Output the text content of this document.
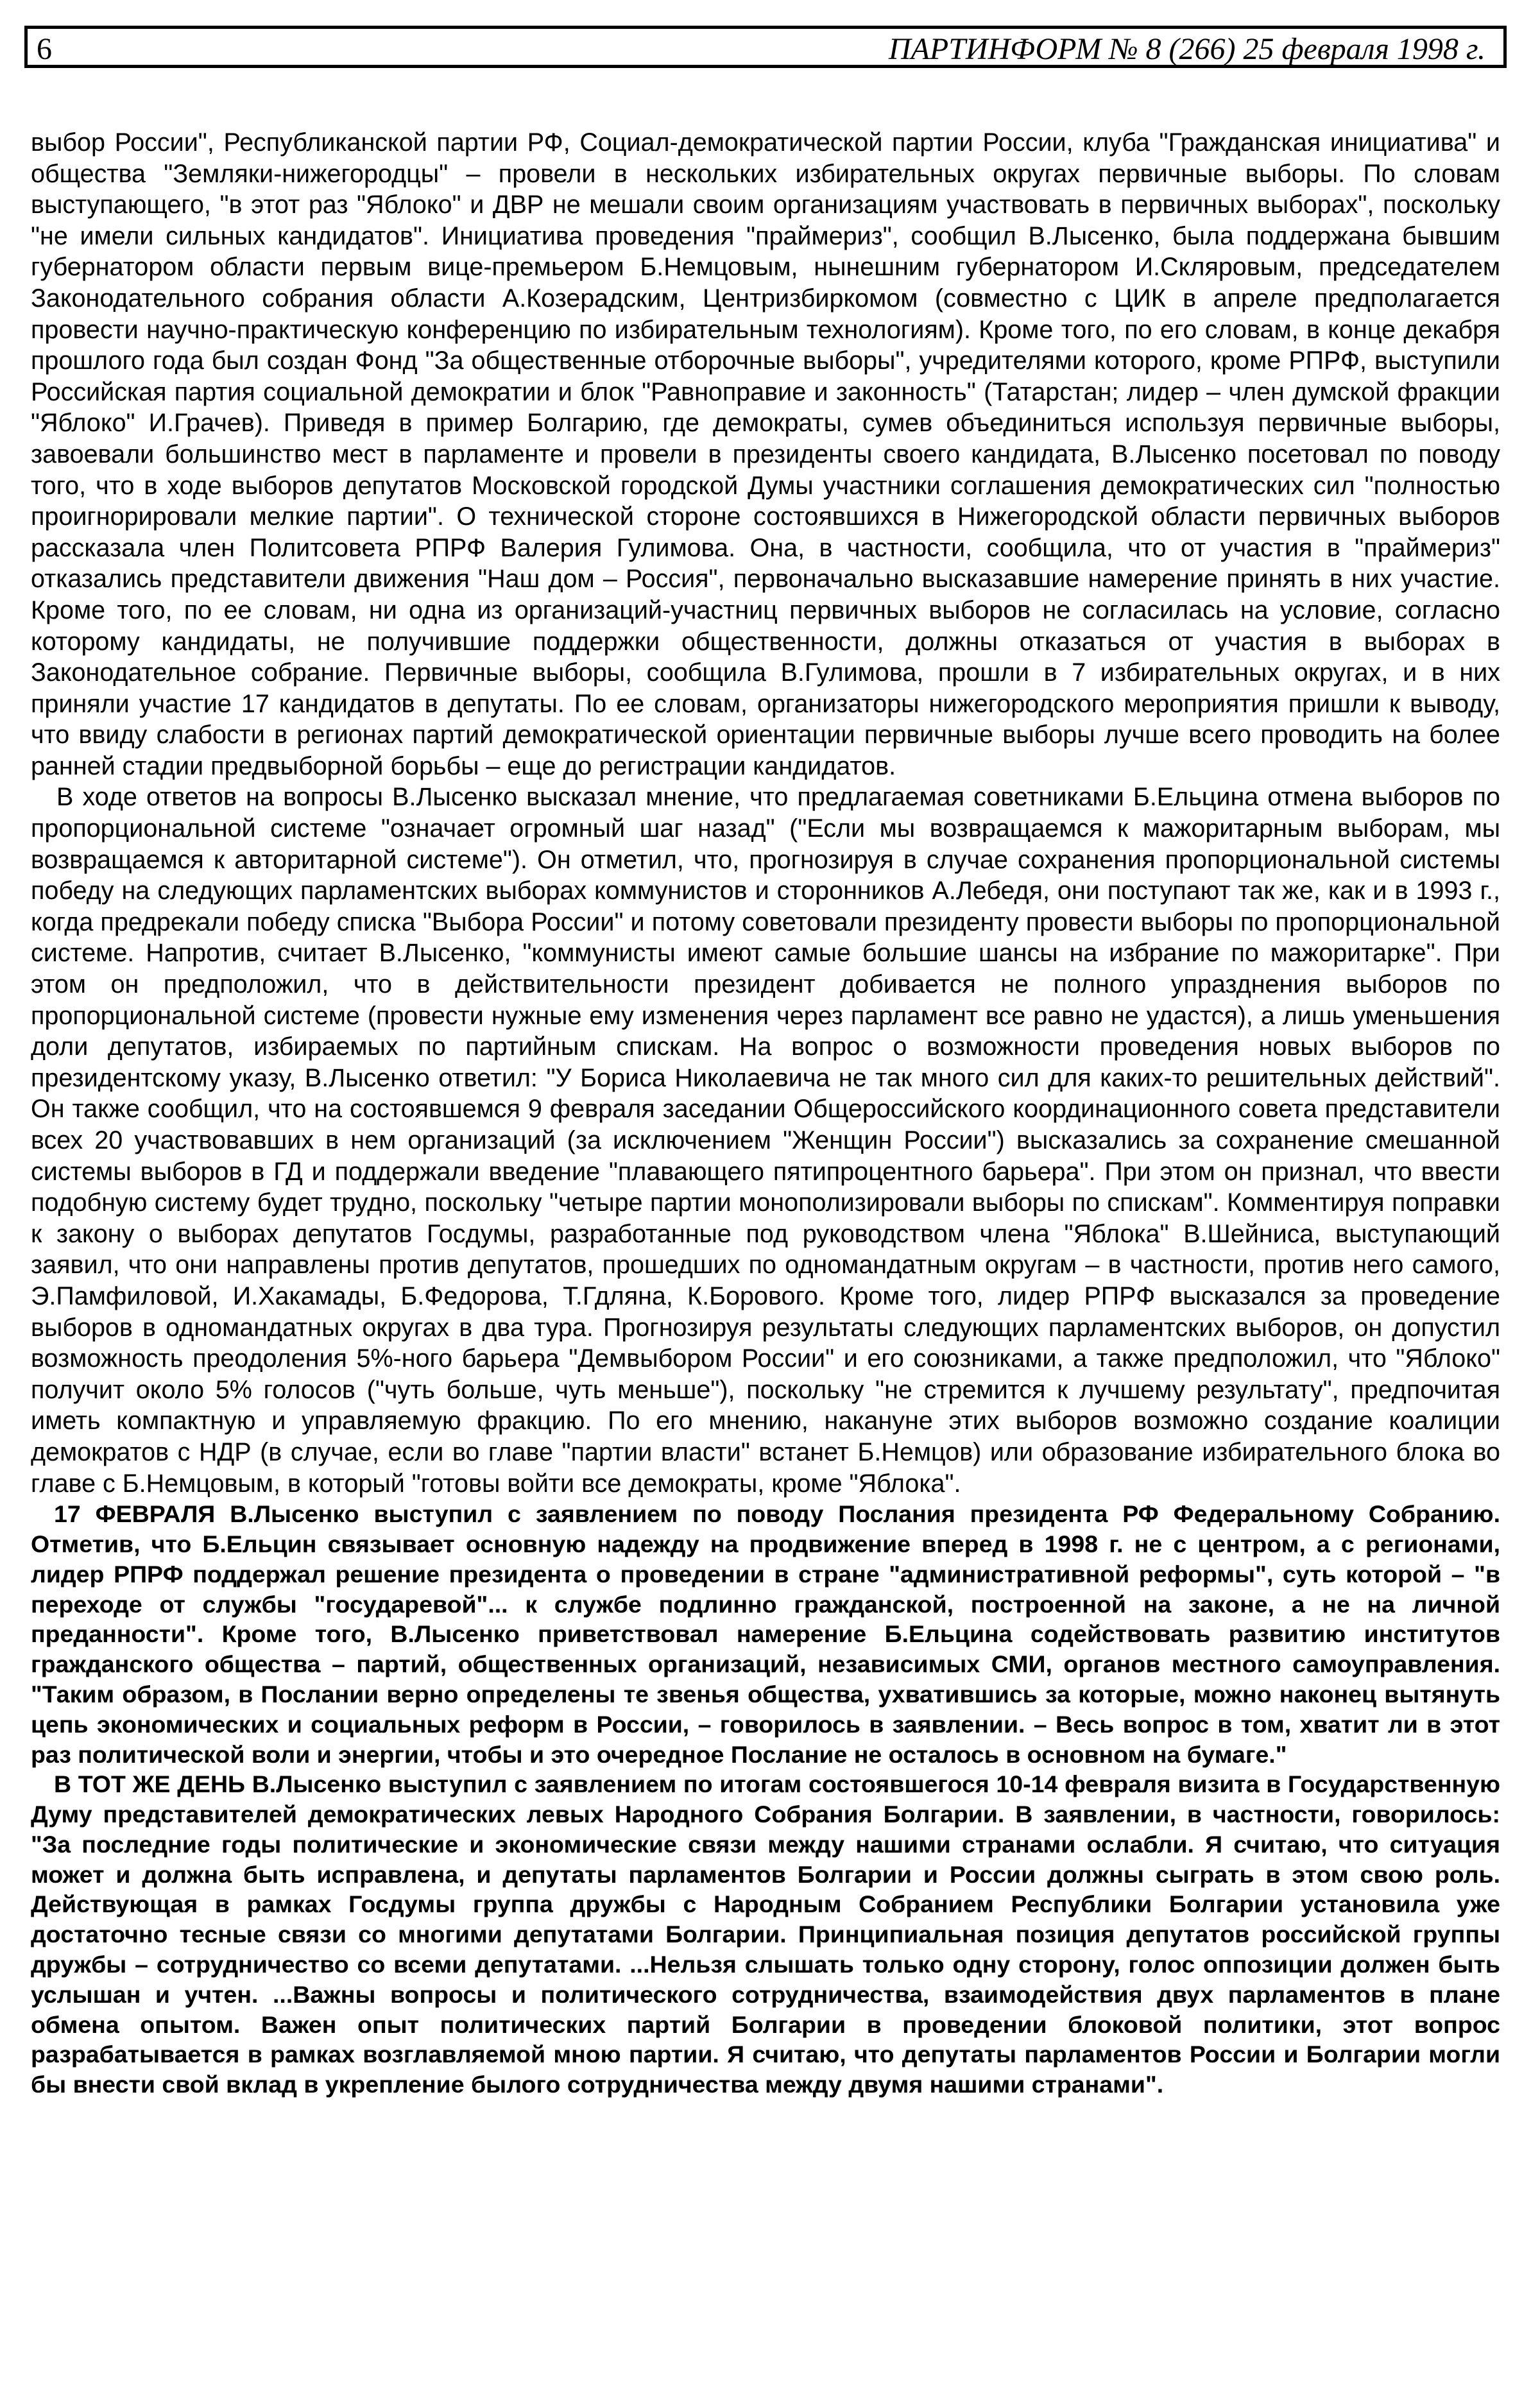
6	ПАРТИНФОРМ № 8 (266) 25 февраля 1998 г.

выбор России", Республиканской партии РФ, Социал-демократической партии России, клуба "Гражданская инициатива" и общества "Земляки-нижегородцы" – провели в нескольких избирательных округах первичные выборы. По словам выступающего, "в этот раз "Яблоко" и ДВР не мешали своим организациям участвовать в первичных выборах", поскольку "не имели сильных кандидатов". Инициатива проведения "праймериз", сообщил В.Лысенко, была поддержана бывшим губернатором области первым вице-премьером Б.Немцовым, нынешним губернатором И.Скляровым, председателем Законодательного собрания области А.Козерадским, Центризбиркомом (совместно с ЦИК в апреле предполагается провести научно-практическую конференцию по избирательным технологиям). Кроме того, по его словам, в конце декабря прошлого года был создан Фонд "За общественные отборочные выборы", учредителями которого, кроме РПРФ, выступили Российская партия социальной демократии и блок "Равноправие и законность" (Татарстан; лидер – член думской фракции "Яблоко" И.Грачев). Приведя в пример Болгарию, где демократы, сумев объединиться используя первичные выборы, завоевали большинство мест в парламенте и провели в президенты своего кандидата, В.Лысенко посетовал по поводу того, что в ходе выборов депутатов Московской городской Думы участники соглашения демократических сил "полностью проигнорировали мелкие партии". О технической стороне состоявшихся в Нижегородской области первичных выборов рассказала член Политсовета РПРФ Валерия Гулимова. Она, в частности, сообщила, что от участия в "праймериз" отказались представители движения "Наш дом – Россия", первоначально высказавшие намерение принять в них участие. Кроме того, по ее словам, ни одна из организаций-участниц первичных выборов не согласилась на условие, согласно которому кандидаты, не получившие поддержки общественности, должны отказаться от участия в выборах в Законодательное собрание. Первичные выборы, сообщила В.Гулимова, прошли в 7 избирательных округах, и в них приняли участие 17 кандидатов в депутаты. По ее словам, организаторы нижегородского мероприятия пришли к выводу, что ввиду слабости в регионах партий демократической ориентации первичные выборы лучше всего проводить на более ранней стадии предвыборной борьбы – еще до регистрации кандидатов.

В ходе ответов на вопросы В.Лысенко высказал мнение, что предлагаемая советниками Б.Ельцина отмена выборов по пропорциональной системе "означает огромный шаг назад" ("Если мы возвращаемся к мажоритарным выборам, мы возвращаемся к авторитарной системе"). Он отметил, что, прогнозируя в случае сохранения пропорциональной системы победу на следующих парламентских выборах коммунистов и сторонников А.Лебедя, они поступают так же, как и в 1993 г., когда предрекали победу списка "Выбора России" и потому советовали президенту провести выборы по пропорциональной системе. Напротив, считает В.Лысенко, "коммунисты имеют самые большие шансы на избрание по мажоритарке". При этом он предположил, что в действительности президент добивается не полного упразднения выборов по пропорциональной системе (провести нужные ему изменения через парламент все равно не удастся), а лишь уменьшения доли депутатов, избираемых по партийным спискам. На вопрос о возможности проведения новых выборов по президентскому указу, В.Лысенко ответил: "У Бориса Николаевича не так много сил для каких-то решительных действий". Он также сообщил, что на состоявшемся 9 февраля заседании Общероссийского координационного совета представители всех 20 участвовавших в нем организаций (за исключением "Женщин России") высказались за сохранение смешанной системы выборов в ГД и поддержали введение "плавающего пятипроцентного барьера". При этом он признал, что ввести подобную систему будет трудно, поскольку "четыре партии монополизировали выборы по спискам". Комментируя поправки к закону о выборах депутатов Госдумы, разработанные под руководством члена "Яблока" В.Шейниса, выступающий заявил, что они направлены против депутатов, прошедших по одномандатным округам – в частности, против него самого, Э.Памфиловой, И.Хакамады, Б.Федорова, Т.Гдляна, К.Борового. Кроме того, лидер РПРФ высказался за проведение выборов в одномандатных округах в два тура. Прогнозируя результаты следующих парламентских выборов, он допустил возможность преодоления 5%-ного барьера "Демвыбором России" и его союзниками, а также предположил, что "Яблоко" получит около 5% голосов ("чуть больше, чуть меньше"), поскольку "не стремится к лучшему результату", предпочитая иметь компактную и управляемую фракцию. По его мнению, накануне этих выборов возможно создание коалиции демократов с НДР (в случае, если во главе "партии власти" встанет Б.Немцов) или образование избирательного блока во главе с Б.Немцовым, в который "готовы войти все демократы, кроме "Яблока".

17 ФЕВРАЛЯ В.Лысенко выступил с заявлением по поводу Послания президента РФ Федеральному Собранию. Отметив, что Б.Ельцин связывает основную надежду на продвижение вперед в 1998 г. не с центром, а с регионами, лидер РПРФ поддержал решение президента о проведении в стране "административной реформы", суть которой – "в переходе от службы "государевой"... к службе подлинно гражданской, построенной на законе, а не на личной преданности". Кроме того, В.Лысенко приветствовал намерение Б.Ельцина содействовать развитию институтов гражданского общества – партий, общественных организаций, независимых СМИ, органов местного самоуправления. "Таким образом, в Послании верно определены те звенья общества, ухватившись за которые, можно наконец вытянуть цепь экономических и социальных реформ в России, – говорилось в заявлении. – Весь вопрос в том, хватит ли в этот раз политической воли и энергии, чтобы и это очередное Послание не осталось в основном на бумаге."

В ТОТ ЖЕ ДЕНЬ В.Лысенко выступил с заявлением по итогам состоявшегося 10-14 февраля визита в Государственную Думу представителей демократических левых Народного Собрания Болгарии. В заявлении, в частности, говорилось: "За последние годы политические и экономические связи между нашими странами ослабли. Я считаю, что ситуация может и должна быть исправлена, и депутаты парламентов Болгарии и России должны сыграть в этом свою роль. Действующая в рамках Госдумы группа дружбы с Народным Собранием Республики Болгарии установила уже достаточно тесные связи со многими депутатами Болгарии. Принципиальная позиция депутатов российской группы дружбы – сотрудничество со всеми депутатами. ...Нельзя слышать только одну сторону, голос оппозиции должен быть услышан и учтен. ...Важны вопросы и политического сотрудничества, взаимодействия двух парламентов в плане обмена опытом. Важен опыт политических партий Болгарии в проведении блоковой политики, этот вопрос разрабатывается в рамках возглавляемой мною партии. Я считаю, что депутаты парламентов России и Болгарии могли бы внести свой вклад в укрепление былого сотрудничества между двумя нашими странами".
